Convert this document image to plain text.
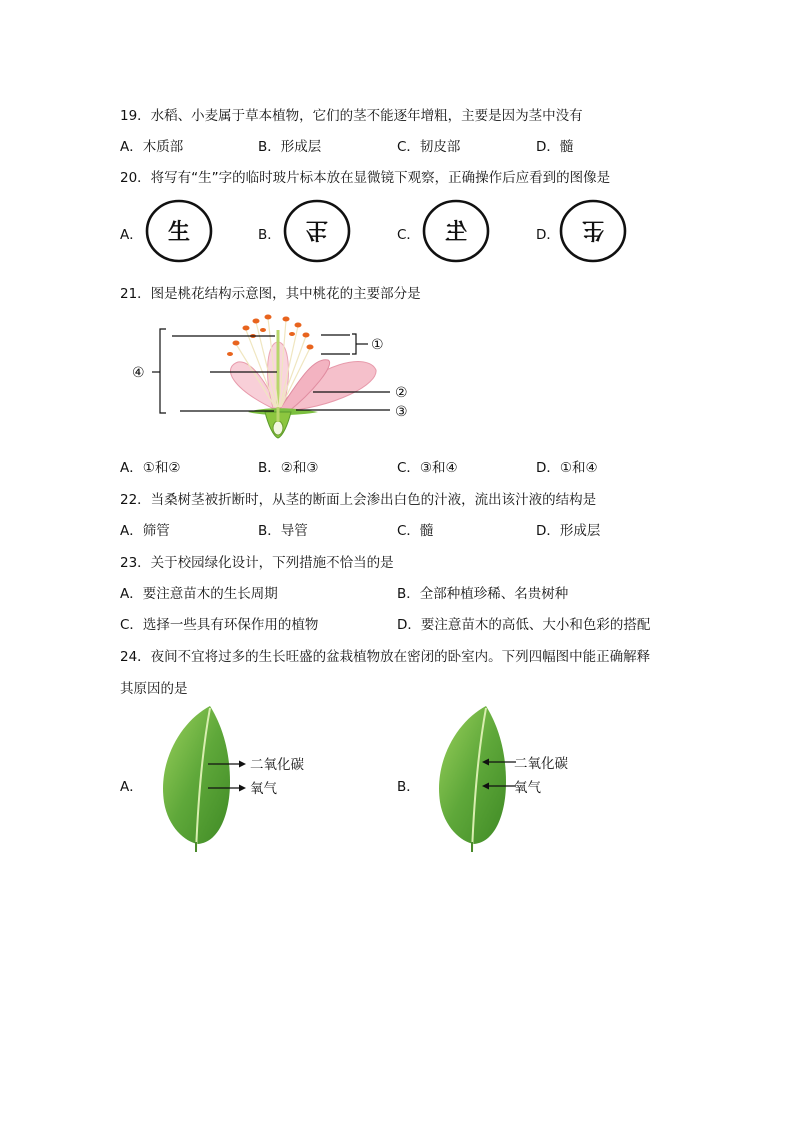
19．水稻、小麦属于草本植物，它们的茎不能逐年增粗，主要是因为茎中没有
A．木质部	B．形成层	C．韧皮部	D．髓
20．将写有“生”字的临时玻片标本放在显微镜下观察，正确操作后应看到的图像是
A． 生	B． 生	C． 生	D． 生
21．图是桃花结构示意图，其中桃花的主要部分是
①
②
③
④
A．①和②	B．②和③	C．③和④	D．①和④
22．当桑树茎被折断时，从茎的断面上会渗出白色的汁液，流出该汁液的结构是
A．筛管	B．导管	C．髓	D．形成层
23．关于校园绿化设计，下列措施不恰当的是
A．要注意苗木的生长周期	B．全部种植珍稀、名贵树种
C．选择一些具有环保作用的植物	D．要注意苗木的高低、大小和色彩的搭配
24．夜间不宜将过多的生长旺盛的盆栽植物放在密闭的卧室内。下列四幅图中能正确解释
其原因的是
A．
二氧化碳
氧气	B．
二氧化碳
氧气
